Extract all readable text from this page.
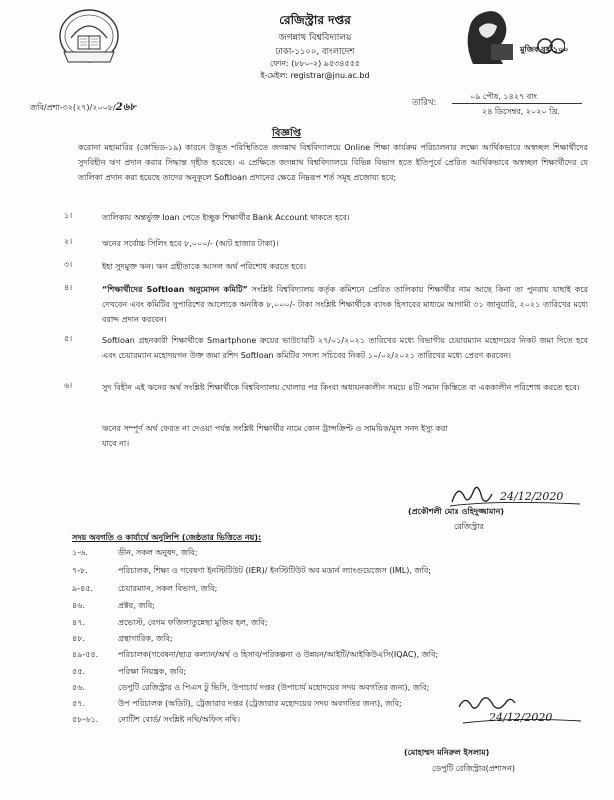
রেজিস্ট্রার দপ্তর
জগন্নাথ বিশ্ববিদ্যালয়
ঢাকা-১১০০, বাংলাদেশ
ফোন: (৮৮০-২) ৯৫৩৪৫৫৫
ই-মেইল: registrar@jnu.ac.bd
মুজিব বর্ষ ১০০
জবি/প্রশা-৩২(২৭)/২০০৮/2৬৮	তারিখ:
০৯ পৌষ, ১৪২৭ বাং
২৪ ডিসেম্বর, ২০২০ খ্রি.
বিজ্ঞপ্তি
করোনা মহামারির (কোভিড-১৯) কারনে উদ্ভূত পরিস্থিতিতে জগন্নাথ বিশ্ববিদ্যালয়ে Online শিক্ষা কার্যক্রম পরিচালনার লক্ষ্যে আর্থিকভাবে অস্বচ্ছল শিক্ষার্থীদের সুদবিহীন ঋণ প্রদান করার সিদ্ধান্ত গৃহীত হয়েছে। এ প্রেক্ষিতে জগন্নাথ বিশ্ববিদ্যালয়ে বিভিন্ন বিভাগ হতে ইতিপূর্বে প্রেরিত আর্থিকভাবে অস্বচ্ছল শিক্ষার্থীদের যে তালিকা প্রদান করা হয়েছে তাদের অনুকূলে Softloan প্রদানের ক্ষেত্রে নিম্নরূপ শর্ত সমূহ প্রজোয্য হবে;
১।	তালিকায় অন্তর্ভুক্ত loan পেতে ইচ্ছুক শিক্ষার্থীর Bank Account থাকতে হবে।
২।	ঋনের সর্বোচ্চ সিলিং হবে ৮,০০০/- (আট হাজার টাকা)।
৩।	ইহা সুদমুক্ত ঋন। ঋন গ্রহীতাকে আসল অর্থ পরিশোধ করতে হবে।
৪।	“শিক্ষার্থীদের Softloan অনুমোদন কমিটি” সংশ্লিষ্ট বিশ্ববিদ্যালয় কর্তৃক কমিশনে প্রেরিত তালিকায় শিক্ষার্থীর নাম আছে কিনা তা পুনরায় যাছাই করে দেখবেন এবং কমিটির সুপারিশের আলোকে অনধিক ৮,০০০/- টাকা সংশ্লিষ্ট শিক্ষার্থীকে ব্যাংক হিসাবের মাধ্যমে আগামী ৩১ জানুয়ারি, ২০২১ তারিখের মধ্যে বরাদ্দ প্রদান করবেন।
৫।	Softloan গ্রহনকারী শিক্ষার্থীকে Smartphone ক্রয়ের ভাউচারটি ২৭/০১/২০২১ তারিখের মধ্যে বিভাগীয় চেয়ারম্যান মহোদয়ের নিকট জমা দিতে হবে এবং চেয়ারম্যান মহোদয়গন উক্ত জমা রশিদ Softloan কমিটির সদস্য সচিবের নিকট ১০/০২/২০২১ তারিখের মধ্যে প্রেরণ করবেন।
৬।	সুদ বিহীন এই ঋনের অর্থ সংশ্লিষ্ট শিক্ষার্থীকে বিশ্ববিদ্যালয় খোলার পর কিংবা অধ্যয়নকালীন সময়ে ৪টি সমান কিস্তিতে বা এককালীন পরিশোধ করতে হবে।
ঋনের সম্পূর্ণ অর্থ ফেরত না দেওয়া পর্যন্ত সংশ্লিষ্ট শিক্ষার্থীর নামে কোন ট্রান্সক্রিপ্ট ও সাময়িক/মূল সনদ ইস্যু করা
যাবে না।
24/12/2020
(প্রকৌশলী মোঃ ওহিদুজ্জামান)
রেজিস্ট্রার
সদয় অবগতি ও কার্যার্থে অনুলিপি (জেষ্ঠতার ভিত্তিতে নয়):
১-৬.	ডীন, সকল অনুষদ, জবি;
৭-৮.	পরিচালক, শিক্ষা ও গবেষণা ইনস্টিটিউট (IER)/ ইনস্টিটিউট অব মডার্ন ল্যাংগুয়েজেস (IML), জবি;
৯-৪৫.	চেয়ারম্যান, সকল বিভাগ, জবি;
৪৬.	প্রক্টর, জবি;
৪৭.	প্রভোস্ট, বেগম ফজিলাতুন্নেছা মুজিব হল, জবি;
৪৮.	গ্রন্থাগারিক, জবি;
৪৯-৫৪. পরিচালক(গবেষনা/ছাত্র কল্যান/অর্থ ও হিসাব/পরিকল্পনা ও উন্নয়ন/আইটি/আইকিউএসি(IQAC), জবি;
৫৫.	পরিক্ষা নিয়ন্ত্রক, জবি;
৫৬.	ডেপুটি রেজিস্ট্রার ও পিএস টু ভিসি, উপাচার্য দপ্তর (উপাচার্য মহোদয়ের সদয় অবগতির জন্য), জবি;
৫৭.	উপ পরিচালক (অডিট), ট্রেজারার দপ্তর (ট্রেজারার মহোদয়ের সদয় অবগতির জন্য), জবি;
৫৮-৬১. নোটিশ বোর্ড/ সংশ্লিষ্ট নথি/অফিস নথি।	24/12/2020
(মোহাম্মদ মনিরুল ইসলাম)
ডেপুটি রেজিস্ট্রার(প্রশাসন)
